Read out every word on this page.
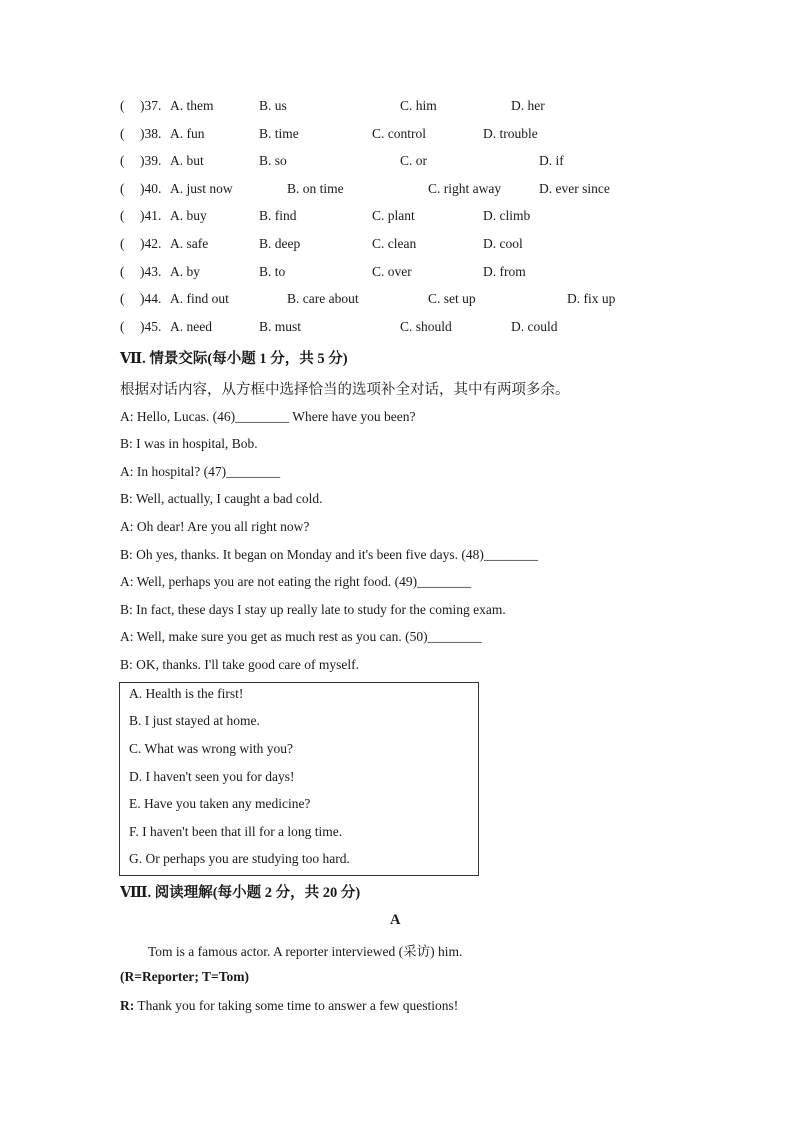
( )37. A. them	B. us	C. him	D. her
( )38. A. fun	B. time	C. control	D. trouble
( )39. A. but	B. so	C. or	D. if
( )40. A. just now	B. on time	C. right away	D. ever since
( )41. A. buy	B. find	C. plant	D. climb
( )42. A. safe	B. deep	C. clean	D. cool
( )43. A. by	B. to	C. over	D. from
( )44. A. find out	B. care about	C. set up	D. fix up
( )45. A. need	B. must	C. should	D. could
Ⅶ. 情景交际(每小题 1 分，共 5 分)
根据对话内容，从方框中选择恰当的选项补全对话，其中有两项多余。
A: Hello, Lucas. (46)________ Where have you been?
B: I was in hospital, Bob.
A: In hospital? (47)________
B: Well, actually, I caught a bad cold.
A: Oh dear! Are you all right now?
B: Oh yes, thanks. It began on Monday and it's been five days. (48)________
A: Well, perhaps you are not eating the right food. (49)________
B: In fact, these days I stay up really late to study for the coming exam.
A: Well, make sure you get as much rest as you can. (50)________
B: OK, thanks. I'll take good care of myself.
A. Health is the first!
B. I just stayed at home.
C. What was wrong with you?
D. I haven't seen you for days!
E. Have you taken any medicine?
F. I haven't been that ill for a long time.
G. Or perhaps you are studying too hard.
Ⅷ. 阅读理解(每小题 2 分，共 20 分)
A
Tom is a famous actor. A reporter interviewed (采访) him.
(R=Reporter; T=Tom)
R: Thank you for taking some time to answer a few questions!
